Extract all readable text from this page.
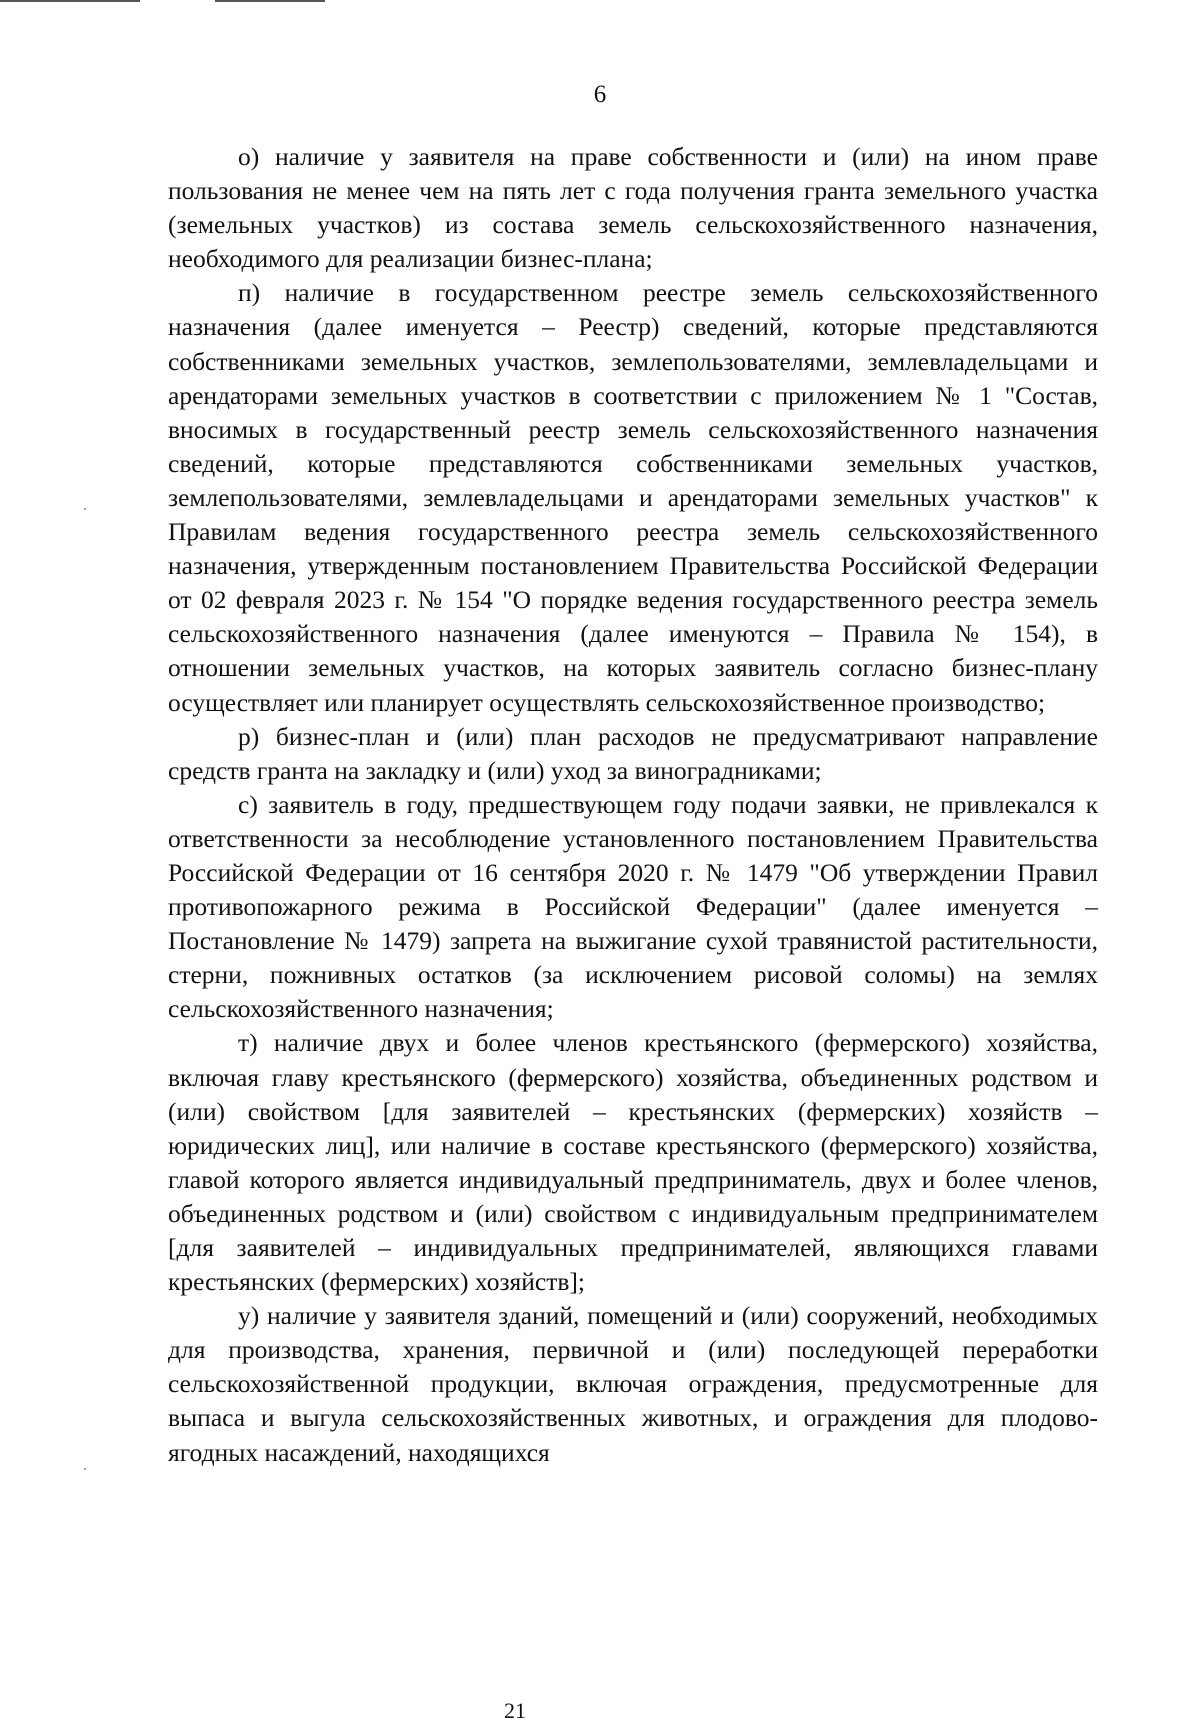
6

о) наличие у заявителя на праве собственности и (или) на ином праве пользования не менее чем на пять лет с года получения гранта земельного участка (земельных участков) из состава земель сельскохозяйственного назначения, необходимого для реализации бизнес-плана;

п) наличие в государственном реестре земель сельскохозяйственного назначения (далее именуется – Реестр) сведений, которые представляются собственниками земельных участков, землепользователями, землевладельцами и арендаторами земельных участков в соответствии с приложением № 1 "Состав, вносимых в государственный реестр земель сельскохозяйственного назначения сведений, которые представляются собственниками земельных участков, землепользователями, землевладельцами и арендаторами земельных участков" к Правилам ведения государственного реестра земель сельскохозяйственного назначения, утвержденным постановлением Правительства Российской Федерации от 02 февраля 2023 г. № 154 "О порядке ведения государственного реестра земель сельскохозяйственного назначения (далее именуются – Правила № 154), в отношении земельных участков, на которых заявитель согласно бизнес-плану осуществляет или планирует осуществлять сельскохозяйственное производство;

р) бизнес-план и (или) план расходов не предусматривают направление средств гранта на закладку и (или) уход за виноградниками;

с) заявитель в году, предшествующем году подачи заявки, не привлекался к ответственности за несоблюдение установленного постановлением Правительства Российской Федерации от 16 сентября 2020 г. № 1479 "Об утверждении Правил противопожарного режима в Российской Федерации" (далее именуется – Постановление № 1479) запрета на выжигание сухой травянистой растительности, стерни, пожнивных остатков (за исключением рисовой соломы) на землях сельскохозяйственного назначения;

т) наличие двух и более членов крестьянского (фермерского) хозяйства, включая главу крестьянского (фермерского) хозяйства, объединенных родством и (или) свойством [для заявителей – крестьянских (фермерских) хозяйств – юридических лиц], или наличие в составе крестьянского (фермерского) хозяйства, главой которого является индивидуальный предприниматель, двух и более членов, объединенных родством и (или) свойством с индивидуальным предпринимателем [для заявителей – индивидуальных предпринимателей, являющихся главами крестьянских (фермерских) хозяйств];

у) наличие у заявителя зданий, помещений и (или) сооружений, необходимых для производства, хранения, первичной и (или) последующей переработки сельскохозяйственной продукции, включая ограждения, предусмотренные для выпаса и выгула сельскохозяйственных животных, и ограждения для плодово-ягодных насаждений, находящихся

21
